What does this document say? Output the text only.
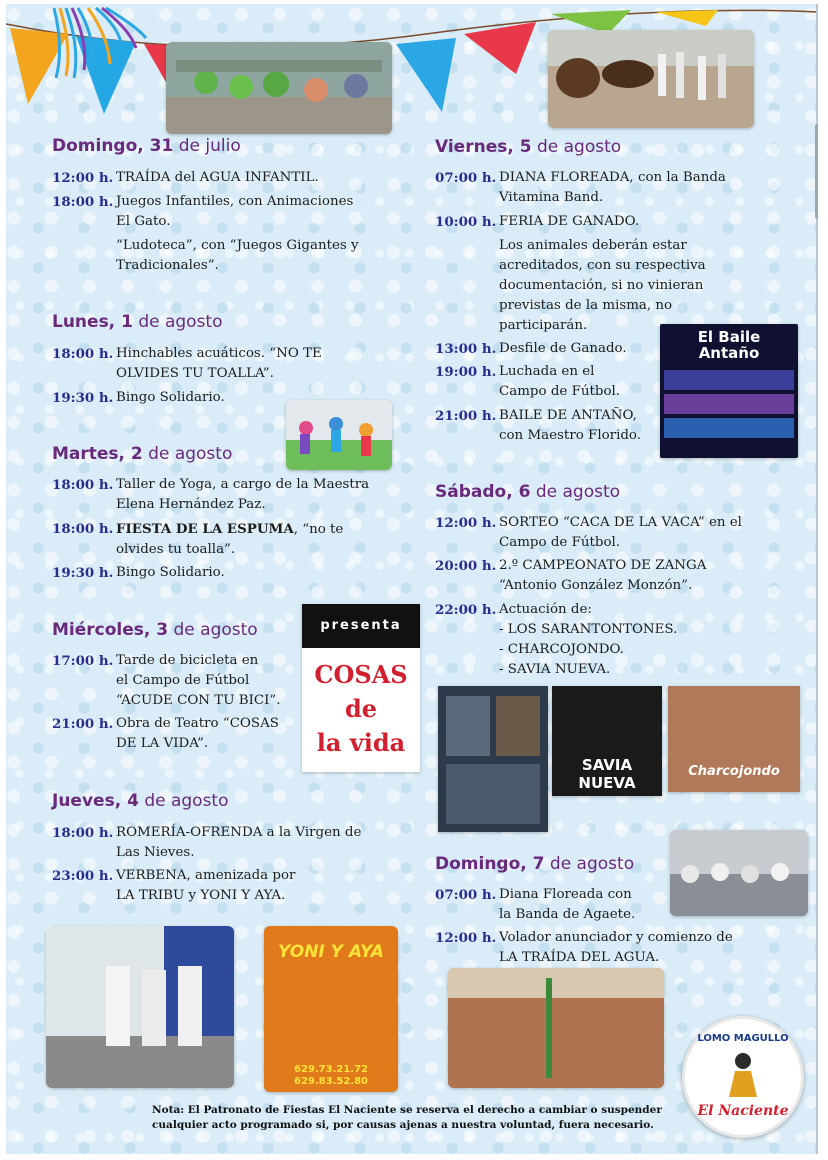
presenta
COSAS
de
la vida
El Baile
Antaño
SAVIA
NUEVA
Charcojondo
YONI Y AYA
629.73.21.72
629.83.52.80
Domingo, 31 de julio
12:00 h. TRAÍDA del AGUA INFANTIL.
18:00 h. Juegos Infantiles, con Animaciones
El Gato.
“Ludoteca”, con “Juegos Gigantes y
Tradicionales”.
Lunes, 1 de agosto
18:00 h. Hinchables acuáticos. “NO TE
OLVIDES TU TOALLA”.
19:30 h. Bingo Solidario.
Martes, 2 de agosto
18:00 h. Taller de Yoga, a cargo de la Maestra
Elena Hernández Paz.
18:00 h. FIESTA DE LA ESPUMA, “no te
olvides tu toalla”.
19:30 h. Bingo Solidario.
Miércoles, 3 de agosto
17:00 h. Tarde de bicicleta en
el Campo de Fútbol
“ACUDE CON TU BICI”.
21:00 h. Obra de Teatro “COSAS
DE LA VIDA”.
Jueves, 4 de agosto
18:00 h. ROMERÍA-OFRENDA a la Virgen de
Las Nieves.
23:00 h. VERBENA, amenizada por
LA TRIBU y YONI Y AYA.
Viernes, 5 de agosto
07:00 h. DIANA FLOREADA, con la Banda
Vitamina Band.
10:00 h. FERIA DE GANADO.
Los animales deberán estar
acreditados, con su respectiva
documentación, si no vinieran
previstas de la misma, no
participarán.
13:00 h. Desfile de Ganado.
19:00 h. Luchada en el
Campo de Fútbol.
21:00 h. BAILE DE ANTAÑO,
con Maestro Florido.
Sábado, 6 de agosto
12:00 h. SORTEO “CACA DE LA VACA” en el
Campo de Fútbol.
20:00 h. 2.º CAMPEONATO DE ZANGA
“Antonio González Monzón”.
22:00 h. Actuación de:
- LOS SARANTONTONES.
- CHARCOJONDO.
- SAVIA NUEVA.
Domingo, 7 de agosto
07:00 h. Diana Floreada con
la Banda de Agaete.
12:00 h. Volador anunciador y comienzo de
LA TRAÍDA DEL AGUA.
LOMO MAGULLO
El Naciente
Nota: El Patronato de Fiestas El Naciente se reserva el derecho a cambiar o suspender cualquier acto programado si, por causas ajenas a nuestra voluntad, fuera necesario.
